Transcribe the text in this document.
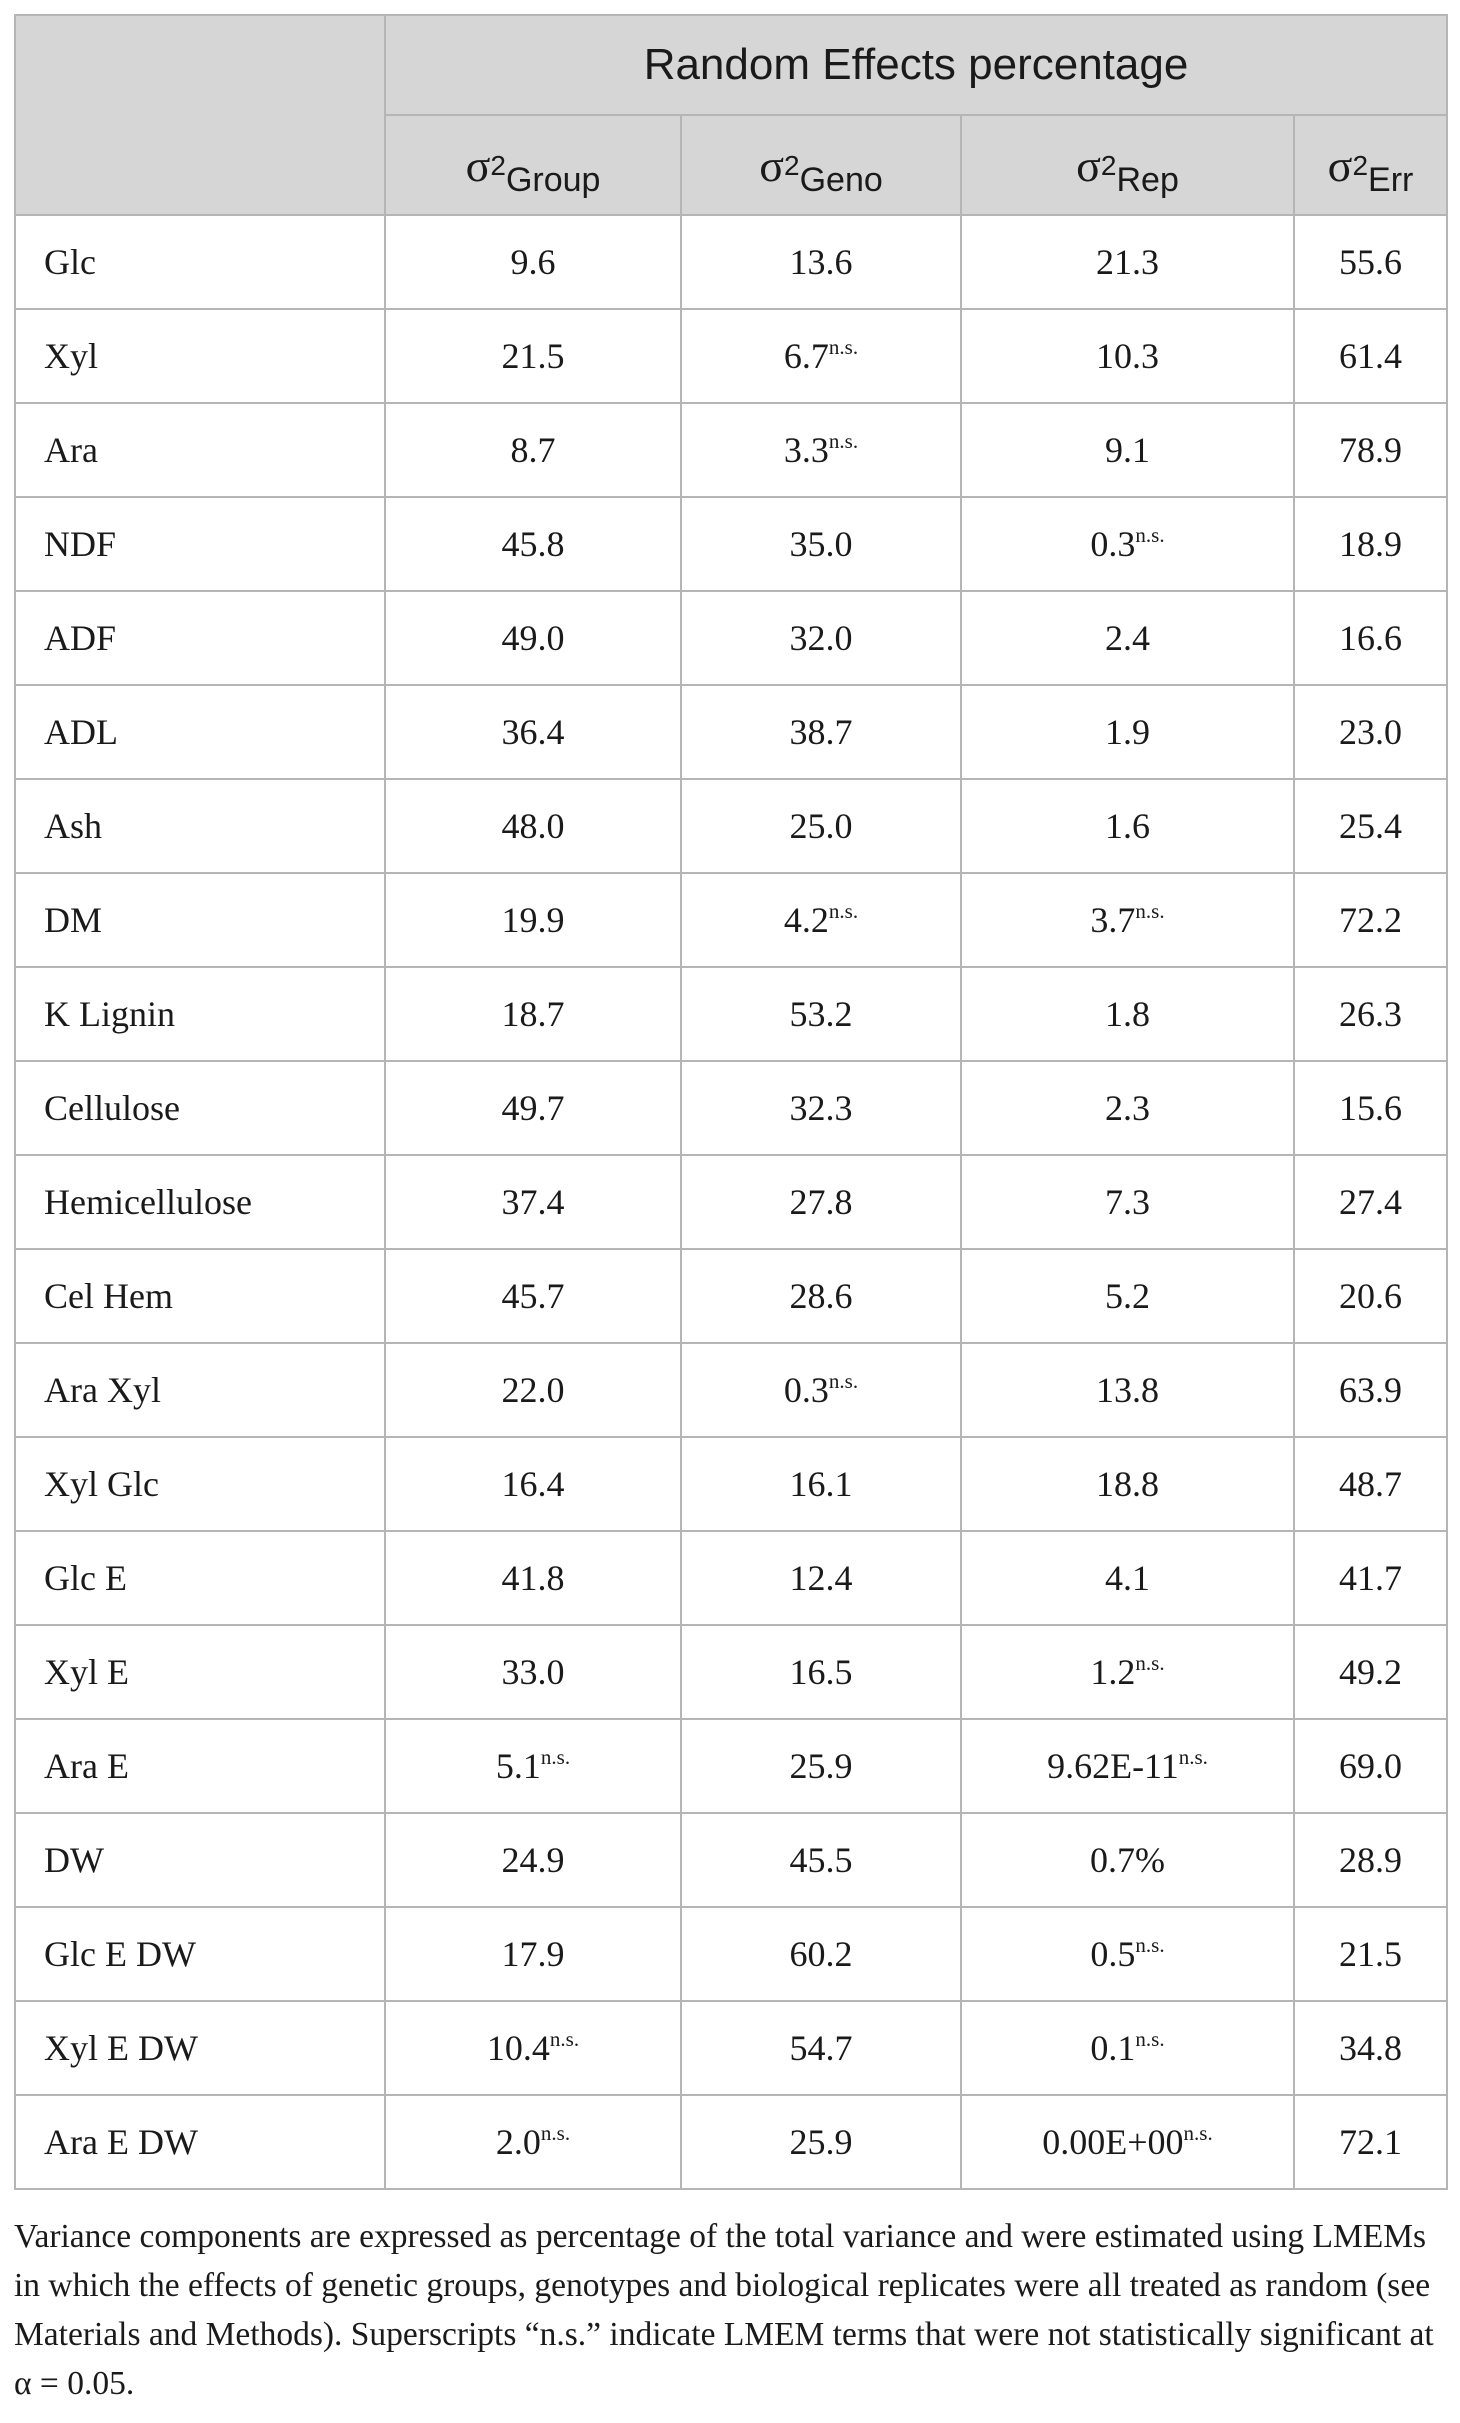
	Random Effects percentage			
	$\sigma^2_{Group}$	$\sigma^2_{Geno}$	$\sigma^2_{Rep}$	$\sigma^2_{Err}$
Glc	9.6	13.6	21.3	55.6
Xyl	21.5	$6.7^{n.s.}$	10.3	61.4
Ara	8.7	$3.3^{n.s.}$	9.1	78.9
NDF	45.8	35.0	$0.3^{n.s.}$	18.9
ADF	49.0	32.0	2.4	16.6
ADL	36.4	38.7	1.9	23.0
Ash	48.0	25.0	1.6	25.4
DM	19.9	$4.2^{n.s.}$	$3.7^{n.s.}$	72.2
K Lignin	18.7	53.2	1.8	26.3
Cellulose	49.7	32.3	2.3	15.6
Hemicellulose	37.4	27.8	7.3	27.4
Cel Hem	45.7	28.6	5.2	20.6
Ara Xyl	22.0	$0.3^{n.s.}$	13.8	63.9
Xyl Glc	16.4	16.1	18.8	48.7
Glc E	41.8	12.4	4.1	41.7
Xyl E	33.0	16.5	$1.2^{n.s.}$	49.2
Ara E	$5.1^{n.s.}$	25.9	$9.62E-11^{n.s.}$	69.0
DW	24.9	45.5	0.7%	28.9
Glc E DW	17.9	60.2	$0.5^{n.s.}$	21.5
Xyl E DW	$10.4^{n.s.}$	54.7	$0.1^{n.s.}$	34.8
Ara E DW	$2.0^{n.s.}$	25.9	$0.00E+00^{n.s.}$	72.1
Variance components are expressed as percentage of the total variance and were estimated using LMEMs in which the effects of genetic groups, genotypes and biological replicates were all treated as random (see Materials and Methods). Superscripts “n.s.” indicate LMEM terms that were not statistically significant at α = 0.05.
